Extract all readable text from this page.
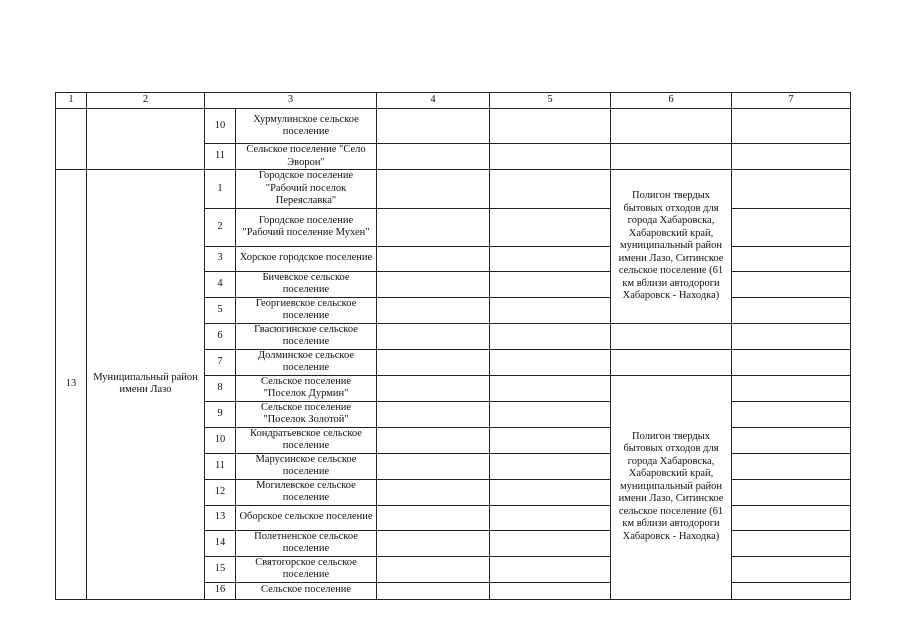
1	2	3		4	5	6	7
		10	Хурмулинское сельское поселение				
		11	Сельское поселение "Село Эворон"				
13	Муниципальный район имени Лазо	1	Городское поселение "Рабочий поселок Переяславка"			Полигон твердых бытовых отходов для города Хабаровска, Хабаровский край, муниципальный район имени Лазо, Ситинское сельское поселение (61 км вблизи автодороги Хабаровск - Находка)	
		2	Городское поселение "Рабочий поселение Мухен"				
		3	Хорское городское поселение				
		4	Бичевское сельское поселение				
		5	Георгиевское сельское поселение				
		6	Гвасюгинское сельское поселение				
		7	Долминское сельское поселение				
		8	Сельское поселение "Поселок Дурмин"			Полигон твердых бытовых отходов для города Хабаровска, Хабаровский край, муниципальный район имени Лазо, Ситинское сельское поселение (61 км вблизи автодороги Хабаровск - Находка)	
		9	Сельское поселение "Поселок Золотой"				
		10	Кондратьевское сельское поселение				
		11	Марусинское сельское поселение				
		12	Могилевское сельское поселение				
		13	Оборское сельское поселение				
		14	Полетненское сельское поселение				
		15	Святогорское сельское поселение				
		16	Сельское поселение				
